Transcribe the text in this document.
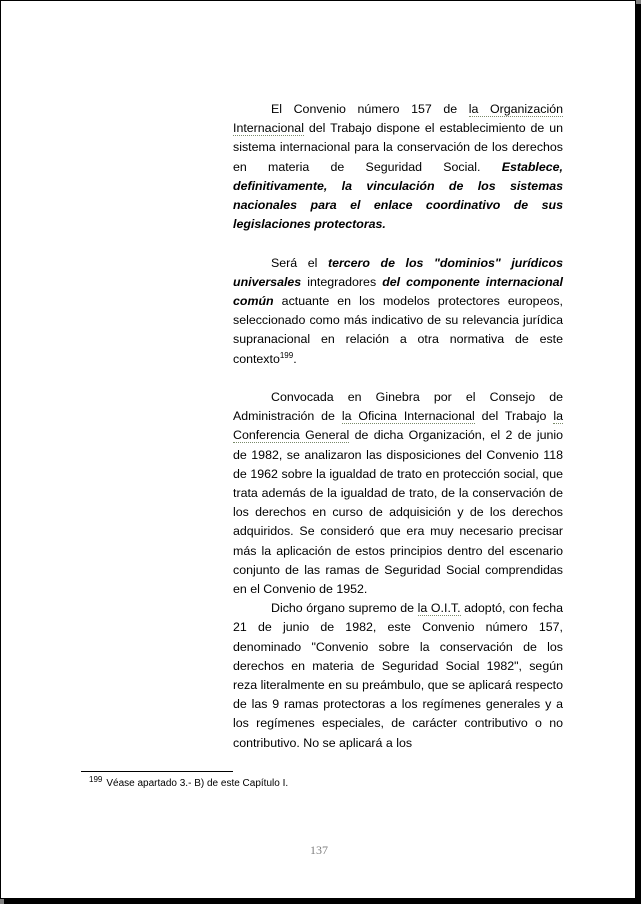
El Convenio número 157 de la Organización Internacional del Trabajo dispone el establecimiento de un sistema internacional para la conservación de los derechos en materia de Seguridad Social. Establece, definitivamente, la vinculación de los sistemas nacionales para el enlace coordinativo de sus legislaciones protectoras.

Será el tercero de los "dominios" jurídicos universales integradores del componente internacional común actuante en los modelos protectores europeos, seleccionado como más indicativo de su relevancia jurídica supranacional en relación a otra normativa de este contexto$^{199}$.

Convocada en Ginebra por el Consejo de Administración de la Oficina Internacional del Trabajo la Conferencia General de dicha Organización, el 2 de junio de 1982, se analizaron las disposiciones del Convenio 118 de 1962 sobre la igualdad de trato en protección social, que trata además de la igualdad de trato, de la conservación de los derechos en curso de adquisición y de los derechos adquiridos. Se consideró que era muy necesario precisar más la aplicación de estos principios dentro del escenario conjunto de las ramas de Seguridad Social comprendidas en el Convenio de 1952.

Dicho órgano supremo de la O.I.T. adoptó, con fecha 21 de junio de 1982, este Convenio número 157, denominado "Convenio sobre la conservación de los derechos en materia de Seguridad Social 1982", según reza literalmente en su preámbulo, que se aplicará respecto de las 9 ramas protectoras a los regímenes generales y a los regímenes especiales, de carácter contributivo o no contributivo. No se aplicará a los

$^{199}$ Véase apartado 3.- B) de este Capítulo I.
137
